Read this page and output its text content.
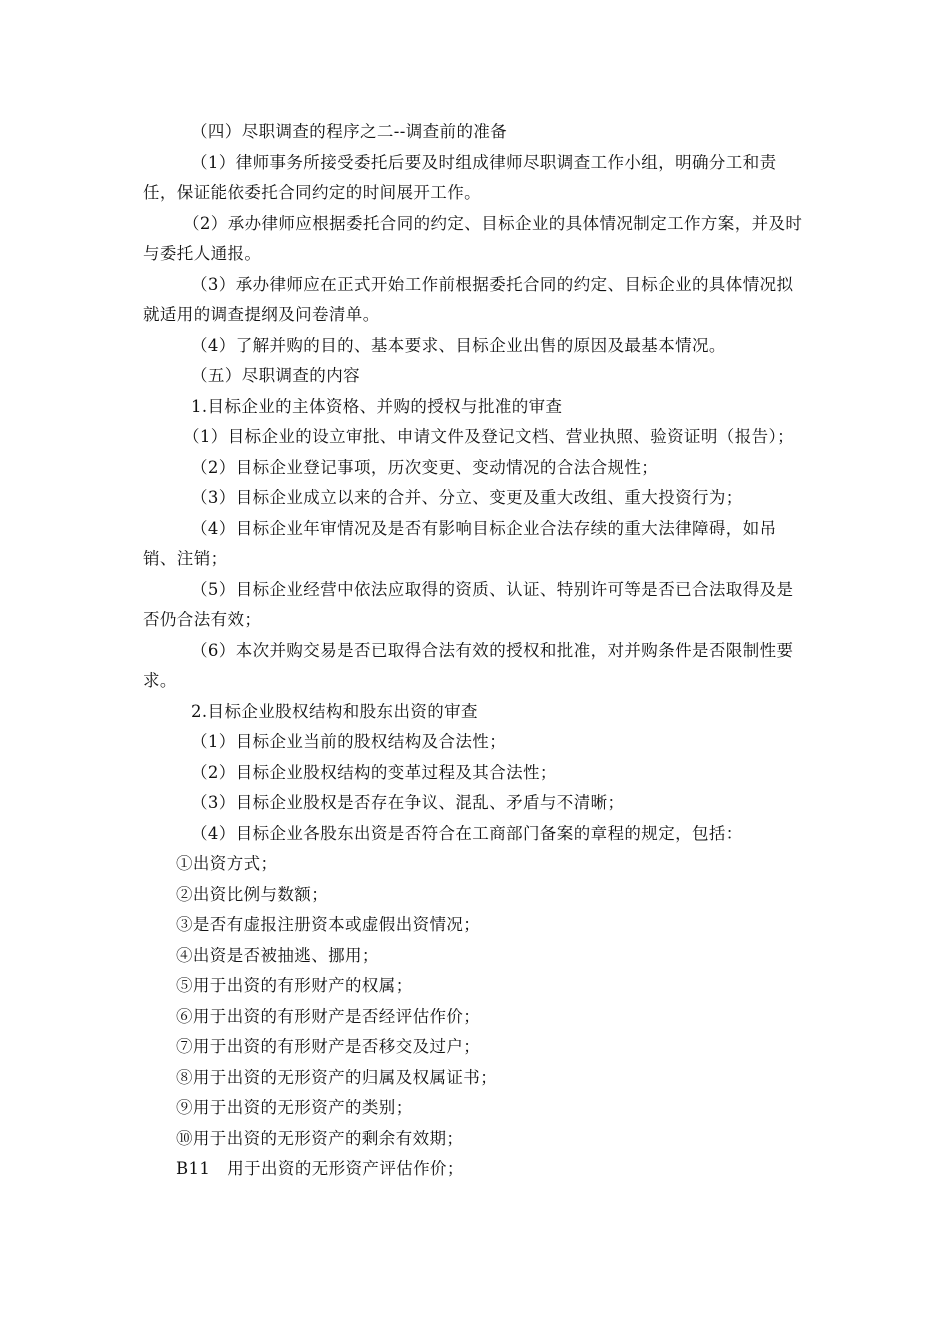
（四）尽职调查的程序之二--调查前的准备

（1）律师事务所接受委托后要及时组成律师尽职调查工作小组，明确分工和责任，保证能依委托合同约定的时间展开工作。

（2）承办律师应根据委托合同的约定、目标企业的具体情况制定工作方案，并及时与委托人通报。

（3）承办律师应在正式开始工作前根据委托合同的约定、目标企业的具体情况拟就适用的调查提纲及问卷清单。

（4）了解并购的目的、基本要求、目标企业出售的原因及最基本情况。

（五）尽职调查的内容

1.目标企业的主体资格、并购的授权与批准的审查

（1）目标企业的设立审批、申请文件及登记文档、营业执照、验资证明（报告）；

（2）目标企业登记事项，历次变更、变动情况的合法合规性；

（3）目标企业成立以来的合并、分立、变更及重大改组、重大投资行为；

（4）目标企业年审情况及是否有影响目标企业合法存续的重大法律障碍，如吊销、注销；

（5）目标企业经营中依法应取得的资质、认证、特别许可等是否已合法取得及是否仍合法有效；

（6）本次并购交易是否已取得合法有效的授权和批准，对并购条件是否限制性要求。

2.目标企业股权结构和股东出资的审查

（1）目标企业当前的股权结构及合法性；

（2）目标企业股权结构的变革过程及其合法性；

（3）目标企业股权是否存在争议、混乱、矛盾与不清晰；

（4）目标企业各股东出资是否符合在工商部门备案的章程的规定，包括：

①出资方式；

②出资比例与数额；

③是否有虚报注册资本或虚假出资情况；

④出资是否被抽逃、挪用；

⑤用于出资的有形财产的权属；

⑥用于出资的有形财产是否经评估作价；

⑦用于出资的有形财产是否移交及过户；

⑧用于出资的无形资产的归属及权属证书；

⑨用于出资的无形资产的类别；

⑩用于出资的无形资产的剩余有效期；

B11　用于出资的无形资产评估作价；
